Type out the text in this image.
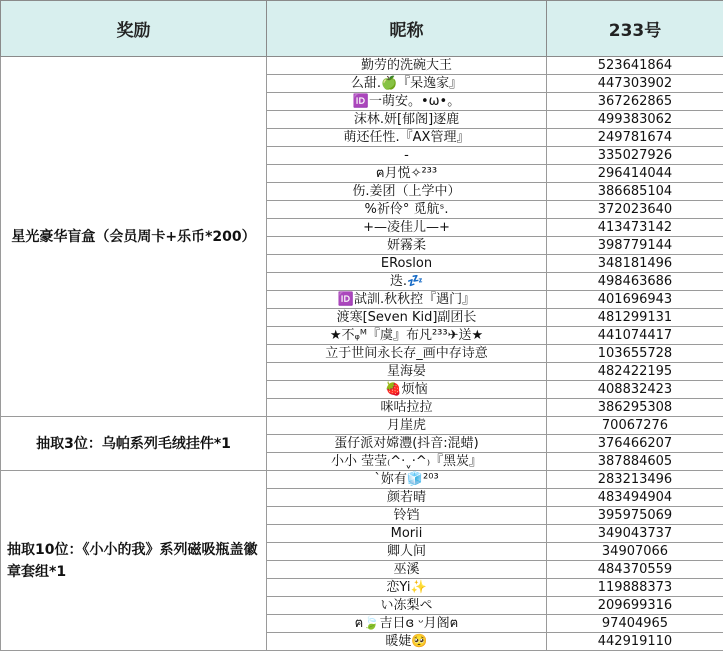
奖励	昵称	233号
星光豪华盲盒（会员周卡+乐币*200）	勤劳的洗碗大王	523641864
	么甜.🍏『呆逸家』	447303902
	🆔一萌安。•ω•。	367262865
	沫林.妍[郁阁]逐鹿	499383062
	萌还任性.『AX管理』	249781674
	-	335027926
	ฅ月悦✧²³³	296414044
	伤.姜团（上学中）	386685104
	%祈伶° 觅航ˢ.	372023640
	+—凌佳儿—+	413473142
	妍霧柔	398779144
	ERoslon	348181496
	迭.💤	498463686
	🆔試訓.秋秋控『遇门』	401696943
	渡寒[Seven Kid]副团长	481299131
	★不ᵩᴹ『虞』布凡²³³✈送★	441074417
	立于世间永长存_画中存诗意	103655728
	星海晏	482422195
	🍓烦恼	408832423
	咪咕拉拉	386295308
抽取3位：乌帕系列毛绒挂件*1	月崖虎	70067276
	蛋仔派对嫦灃(抖音:混蜡)	376466207
	小小 莹莹₍^·ˬ·^₎『黑炭』	387884605
抽取10位：《小小的我》系列磁吸瓶盖徽章套组*1	`妳有🧊²⁰³	283213496
	颜若晴	483494904
	铃铛	395975069
	Morii	349043737
	卿人间	34907066
	巫溪	484370559
	恋Yi✨	119888373
	い冻梨ペ	209699316
	ฅ🍃吉日ɞ ᵕ月阁ฅ	97404965
	暖婕🥺	442919110
